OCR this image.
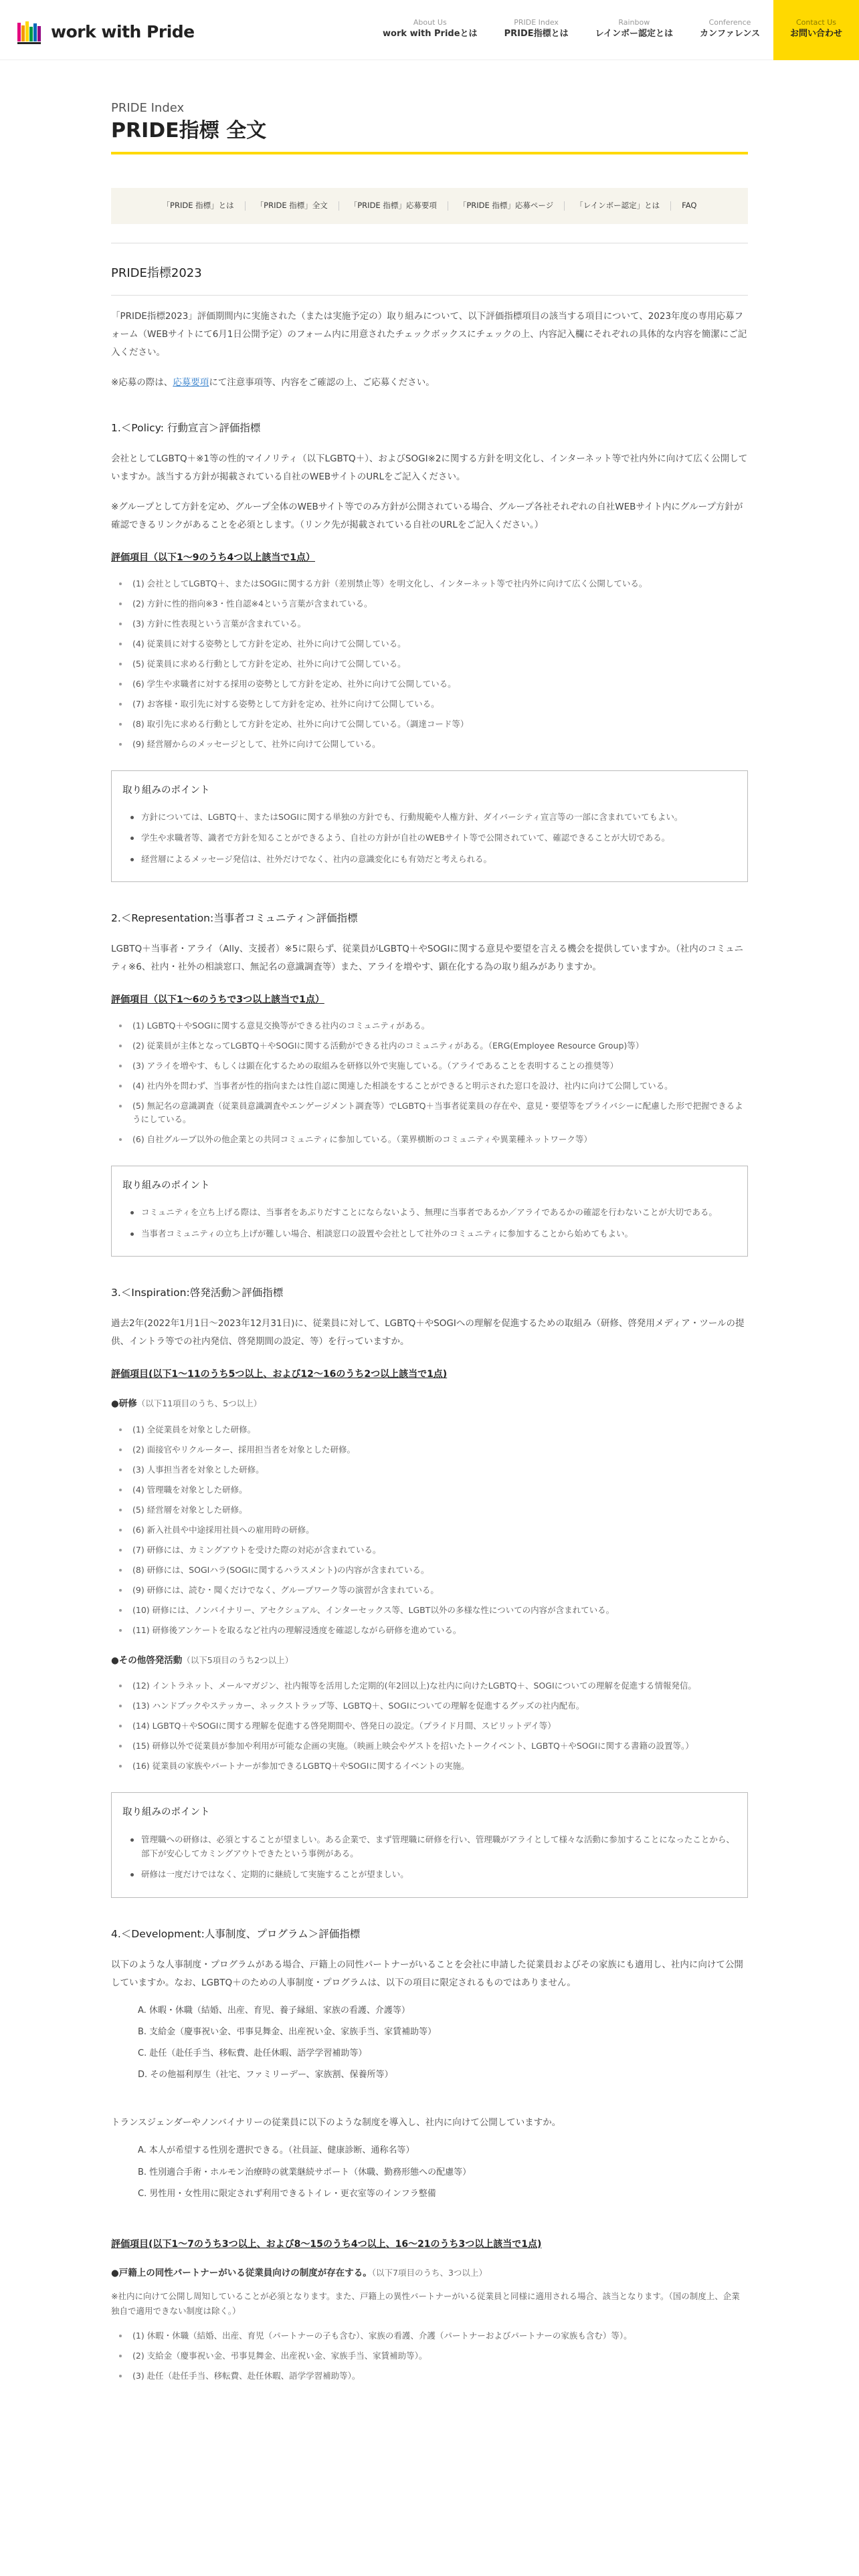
work with Pride	About Us
work with Prideとは
PRIDE Index
PRIDE指標とは
Rainbow
レインボー認定とは
Conference
カンファレンス
Contact Us
お問い合わせ
PRIDE Index
PRIDE指標 全文
「PRIDE 指標」とは	「PRIDE 指標」全文	「PRIDE 指標」応募要項	「PRIDE 指標」応募ページ	「レインボー認定」とは	FAQ
PRIDE指標2023

「PRIDE指標2023」評価期間内に実施された（または実施予定の）取り組みについて、以下評価指標項目の該当する項目について、2023年度の専用応募フォーム（WEBサイトにて6月1日公開予定）のフォーム内に用意されたチェックボックスにチェックの上、内容記入欄にそれぞれの具体的な内容を簡潔にご記入ください。

※応募の際は、応募要項にて注意事項等、内容をご確認の上、ご応募ください。

1.＜Policy: 行動宣言＞評価指標

会社としてLGBTQ＋※1等の性的マイノリティ（以下LGBTQ＋）、およびSOGI※2に関する方針を明文化し、インターネット等で社内外に向けて広く公開していますか。該当する方針が掲載されている自社のWEBサイトのURLをご記入ください。

※グループとして方針を定め、グループ全体のWEBサイト等でのみ方針が公開されている場合、グループ各社それぞれの自社WEBサイト内にグループ方針が確認できるリンクがあることを必須とします。（リンク先が掲載されている自社のURLをご記入ください。）

評価項目（以下1〜9のうち4つ以上該当で1点）
(1) 会社としてLGBTQ＋、またはSOGIに関する方針（差別禁止等）を明文化し、インターネット等で社内外に向けて広く公開している。
(2) 方針に性的指向※3・性自認※4という言葉が含まれている。
(3) 方針に性表現という言葉が含まれている。
(4) 従業員に対する姿勢として方針を定め、社外に向けて公開している。
(5) 従業員に求める行動として方針を定め、社外に向けて公開している。
(6) 学生や求職者に対する採用の姿勢として方針を定め、社外に向けて公開している。
(7) お客様・取引先に対する姿勢として方針を定め、社外に向けて公開している。
(8) 取引先に求める行動として方針を定め、社外に向けて公開している。（調達コード等）
(9) 経営層からのメッセージとして、社外に向けて公開している。
取り組みのポイント
方針については、LGBTQ＋、またはSOGIに関する単独の方針でも、行動規範や人権方針、ダイバーシティ宣言等の一部に含まれていてもよい。
学生や求職者等、識者で方針を知ることができるよう、自社の方針が自社のWEBサイト等で公開されていて、確認できることが大切である。
経営層によるメッセージ発信は、社外だけでなく、社内の意識変化にも有効だと考えられる。
2.＜Representation:当事者コミュニティ＞評価指標

LGBTQ＋当事者・アライ（Ally、支援者）※5に限らず、従業員がLGBTQ＋やSOGIに関する意見や要望を言える機会を提供していますか。（社内のコミュニティ※6、社内・社外の相談窓口、無記名の意識調査等）また、アライを増やす、顕在化する為の取り組みがありますか。

評価項目（以下1〜6のうちで3つ以上該当で1点）
(1) LGBTQ＋やSOGIに関する意見交換等ができる社内のコミュニティがある。
(2) 従業員が主体となってLGBTQ＋やSOGIに関する活動ができる社内のコミュニティがある。（ERG(Employee Resource Group)等）
(3) アライを増やす、もしくは顕在化するための取組みを研修以外で実施している。（アライであることを表明することの推奨等）
(4) 社内外を問わず、当事者が性的指向または性自認に関連した相談をすることができると明示された窓口を設け、社内に向けて公開している。
(5) 無記名の意識調査（従業員意識調査やエンゲージメント調査等）でLGBTQ＋当事者従業員の存在や、意見・要望等をプライバシーに配慮した形で把握できるようにしている。
(6) 自社グループ以外の他企業との共同コミュニティに参加している。（業界横断のコミュニティや異業種ネットワーク等）
取り組みのポイント
コミュニティを立ち上げる際は、当事者をあぶりだすことにならないよう、無理に当事者であるか／アライであるかの確認を行わないことが大切である。
当事者コミュニティの立ち上げが難しい場合、相談窓口の設置や会社として社外のコミュニティに参加することから始めてもよい。
3.＜Inspiration:啓発活動＞評価指標

過去2年(2022年1月1日〜2023年12月31日)に、従業員に対して、LGBTQ＋やSOGIへの理解を促進するための取組み（研修、啓発用メディア・ツールの提供、イントラ等での社内発信、啓発期間の設定、等）を行っていますか。

評価項目(以下1〜11のうち5つ以上、および12〜16のうち2つ以上該当で1点)
●研修（以下11項目のうち、5つ以上）
(1) 全従業員を対象とした研修。
(2) 面接官やリクルーター、採用担当者を対象とした研修。
(3) 人事担当者を対象とした研修。
(4) 管理職を対象とした研修。
(5) 経営層を対象とした研修。
(6) 新入社員や中途採用社員への雇用時の研修。
(7) 研修には、カミングアウトを受けた際の対応が含まれている。
(8) 研修には、SOGIハラ(SOGIに関するハラスメント)の内容が含まれている。
(9) 研修には、読む・聞くだけでなく、グループワーク等の演習が含まれている。
(10) 研修には、ノンバイナリー、アセクシュアル、インターセックス等、LGBT以外の多様な性についての内容が含まれている。
(11) 研修後アンケートを取るなど社内の理解浸透度を確認しながら研修を進めている。
●その他啓発活動（以下5項目のうち2つ以上）
(12) イントラネット、メールマガジン、社内報等を活用した定期的(年2回以上)な社内に向けたLGBTQ＋、SOGIについての理解を促進する情報発信。
(13) ハンドブックやステッカー、ネックストラップ等、LGBTQ＋、SOGIについての理解を促進するグッズの社内配布。
(14) LGBTQ＋やSOGIに関する理解を促進する啓発期間や、啓発日の設定。（プライド月間、スピリットデイ等）
(15) 研修以外で従業員が参加や利用が可能な企画の実施。（映画上映会やゲストを招いたトークイベント、LGBTQ＋やSOGIに関する書籍の設置等。）
(16) 従業員の家族やパートナーが参加できるLGBTQ＋やSOGIに関するイベントの実施。
取り組みのポイント
管理職への研修は、必須とすることが望ましい。ある企業で、まず管理職に研修を行い、管理職がアライとして様々な活動に参加することになったことから、部下が安心してカミングアウトできたという事例がある。
研修は一度だけではなく、定期的に継続して実施することが望ましい。
4.＜Development:人事制度、プログラム＞評価指標

以下のような人事制度・プログラムがある場合、戸籍上の同性パートナーがいることを会社に申請した従業員およびその家族にも適用し、社内に向けて公開していますか。なお、LGBTQ＋のための人事制度・プログラムは、以下の項目に限定されるものではありません。

A. 休暇・休職（結婚、出産、育児、養子縁組、家族の看護、介護等）
B. 支給金（慶事祝い金、弔事見舞金、出産祝い金、家族手当、家賃補助等）
C. 赴任（赴任手当、移転費、赴任休暇、語学学習補助等）
D. その他福利厚生（社宅、ファミリーデー、家族割、保養所等）

トランスジェンダーやノンバイナリーの従業員に以下のような制度を導入し、社内に向けて公開していますか。

A. 本人が希望する性別を選択できる。（社員証、健康診断、通称名等）
B. 性別適合手術・ホルモン治療時の就業継続サポート（休職、勤務形態への配慮等）
C. 男性用・女性用に限定されず利用できるトイレ・更衣室等のインフラ整備
評価項目(以下1〜7のうち3つ以上、および8〜15のうち4つ以上、16〜21のうち3つ以上該当で1点)
●戸籍上の同性パートナーがいる従業員向けの制度が存在する。（以下7項目のうち、3つ以上）
※社内に向けて公開し周知していることが必須となります。また、戸籍上の異性パートナーがいる従業員と同様に適用される場合、該当となります。（国の制度上、企業独自で適用できない制度は除く。）
(1) 休暇・休職（結婚、出産、育児（パートナーの子も含む）、家族の看護、介護（パートナーおよびパートナーの家族も含む）等）。
(2) 支給金（慶事祝い金、弔事見舞金、出産祝い金、家族手当、家賃補助等）。
(3) 赴任（赴任手当、移転費、赴任休暇、語学学習補助等）。
